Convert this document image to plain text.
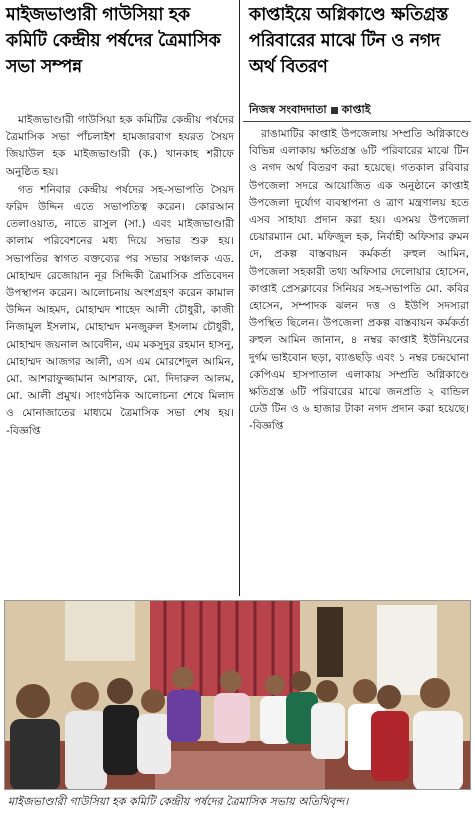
মাইজভাণ্ডারী গাউসিয়া হক কমিটি কেন্দ্রীয় পর্ষদের ত্রৈমাসিক সভা সম্পন্ন

মাইজভাণ্ডারী গাউসিয়া হক কমিটির কেন্দ্রীয় পর্ষদের ত্রৈমাসিক সভা পাঁচলাইশ হামজারবাগ হযরত সৈয়দ জিয়াউল হক মাইজভাণ্ডারী (ক.) খানকাহ শরীফে অনুষ্ঠিত হয়।

গত শনিবার কেন্দ্রীয় পর্ষদের সহ-সভাপতি সৈয়দ ফরিদ উদ্দিন এতে সভাপতিত্ব করেন। কোরআন তেলাওয়াত, নাতে রাসুল (সা.) এবং মাইজভাণ্ডারী কালাম পরিবেশনের মধ্য দিয়ে সভার শুরু হয়। সভাপতির স্বাগত বক্তব্যের পর সভার সঞ্চালক এড. মোহাম্মদ রেজোয়ান নূর সিদ্দিকী ত্রৈমাসিক প্রতিবেদন উপস্থাপন করেন। আলোচনায় অংশগ্রহণ করেন কামাল উদ্দিন আহমদ, মোহাম্মদ শাহেদ আলী চৌধুরী, কাজী নিজামুল ইসলাম, মোহাম্মদ মনজুরুল ইসলাম চৌধুরী, মোহাম্মদ জয়নাল আবেদীন, এম মকসুদুর রহমান হাসনু, মোহাম্মদ আজগর আলী, এস এম মোরশেদুল আমিন, মো. আশরাফুজ্জামান আশরাফ, মো. দিদারুল আলম, মো. আলী প্রমুখ। সাংগঠনিক আলোচনা শেষে মিলাদ ও মোনাজাতের মাধ্যমে ত্রৈমাসিক সভা শেষ হয়। -বিজ্ঞপ্তি

কাপ্তাইয়ে অগ্নিকাণ্ডে ক্ষতিগ্রস্ত পরিবারের মাঝে টিন ও নগদ অর্থ বিতরণ
নিজস্ব সংবাদদাতা কাপ্তাই

রাঙামাটির কাপ্তাই উপজেলায় সম্প্রতি অগ্নিকাণ্ডে বিভিন্ন এলাকায় ক্ষতিগ্রস্ত ৬টি পরিবারের মাঝে টিন ও নগদ অর্থ বিতরণ করা হয়েছে। গতকাল রবিবার উপজেলা সদরে আয়োজিত এক অনুষ্ঠানে কাপ্তাই উপজেলা দুর্যোগ ব্যবস্থাপনা ও ত্রাণ মন্ত্রণালয় হতে এসব সাহায্য প্রদান করা হয়। এসময় উপজেলা চেয়ারম্যান মো. মফিজুল হক, নির্বাহী অফিসার রুমন দে, প্রকল্প বাস্তবায়ন কর্মকর্তা রুহুল আমিন, উপজেলা সহকারী তথ্য অফিসার দেলোয়ার হোসেন, কাপ্তাই প্রেসক্লাবের সিনিয়র সহ-সভাপতি মো. কবির হোসেন, সম্পাদক ঝলন দত্ত ও ইউপি সদস্যরা উপস্থিত ছিলেন। উপজেলা প্রকল্প বাস্তবায়ন কর্মকর্তা রুহুল আমিন জানান, ৪ নম্বর কাপ্তাই ইউনিয়নের দুর্গম ভাইবোন ছড়া, ব্যাঙছড়ি এবং ১ নম্বর চন্দ্রঘোনা কেপিএম হাসপাতাল এলাকায় সম্প্রতি অগ্নিকাণ্ডে ক্ষতিগ্রস্ত ৬টি পরিবারের মাঝে জনপ্রতি ২ বান্ডিল ঢেউ টিন ও ৬ হাজার টাকা নগদ প্রদান করা হয়েছে। -বিজ্ঞপ্তি

মাইজভাণ্ডারী গাউসিয়া হক কমিটি কেন্দ্রীয় পর্ষদের ত্রৈমাসিক সভায় অতিথিবৃন্দ।
